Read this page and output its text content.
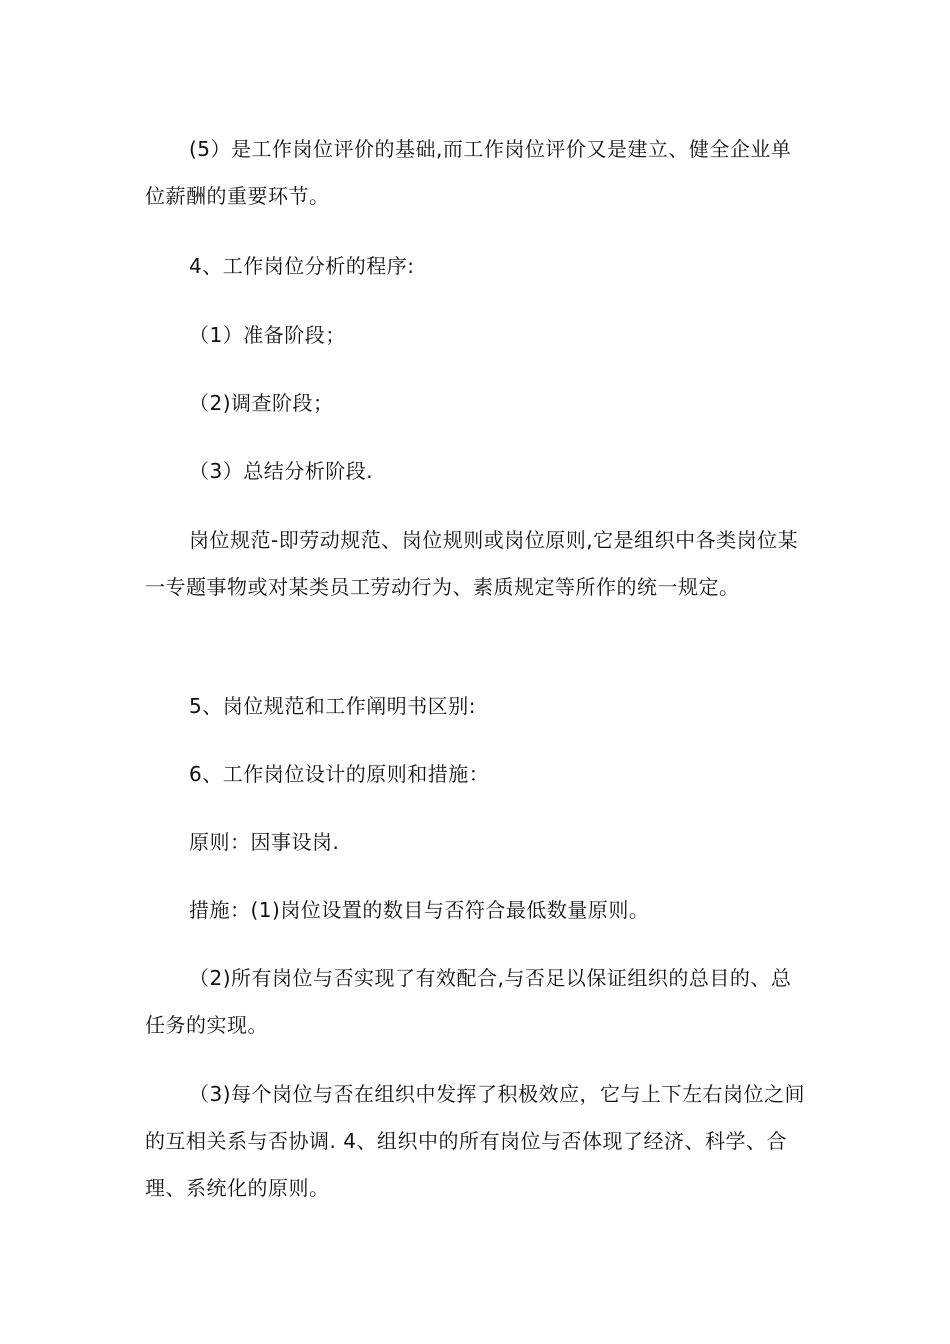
(5）是工作岗位评价的基础,而工作岗位评价又是建立、健全企业单位薪酬的重要环节。

4、工作岗位分析的程序:

（1）准备阶段；

（2)调查阶段；

（3）总结分析阶段.

岗位规范-即劳动规范、岗位规则或岗位原则,它是组织中各类岗位某一专题事物或对某类员工劳动行为、素质规定等所作的统一规定。

5、岗位规范和工作阐明书区别:

6、工作岗位设计的原则和措施：

原则：因事设岗.

措施：(1)岗位设置的数目与否符合最低数量原则。

（2)所有岗位与否实现了有效配合,与否足以保证组织的总目的、总任务的实现。

（3)每个岗位与否在组织中发挥了积极效应，它与上下左右岗位之间的互相关系与否协调. 4、组织中的所有岗位与否体现了经济、科学、合理、系统化的原则。
